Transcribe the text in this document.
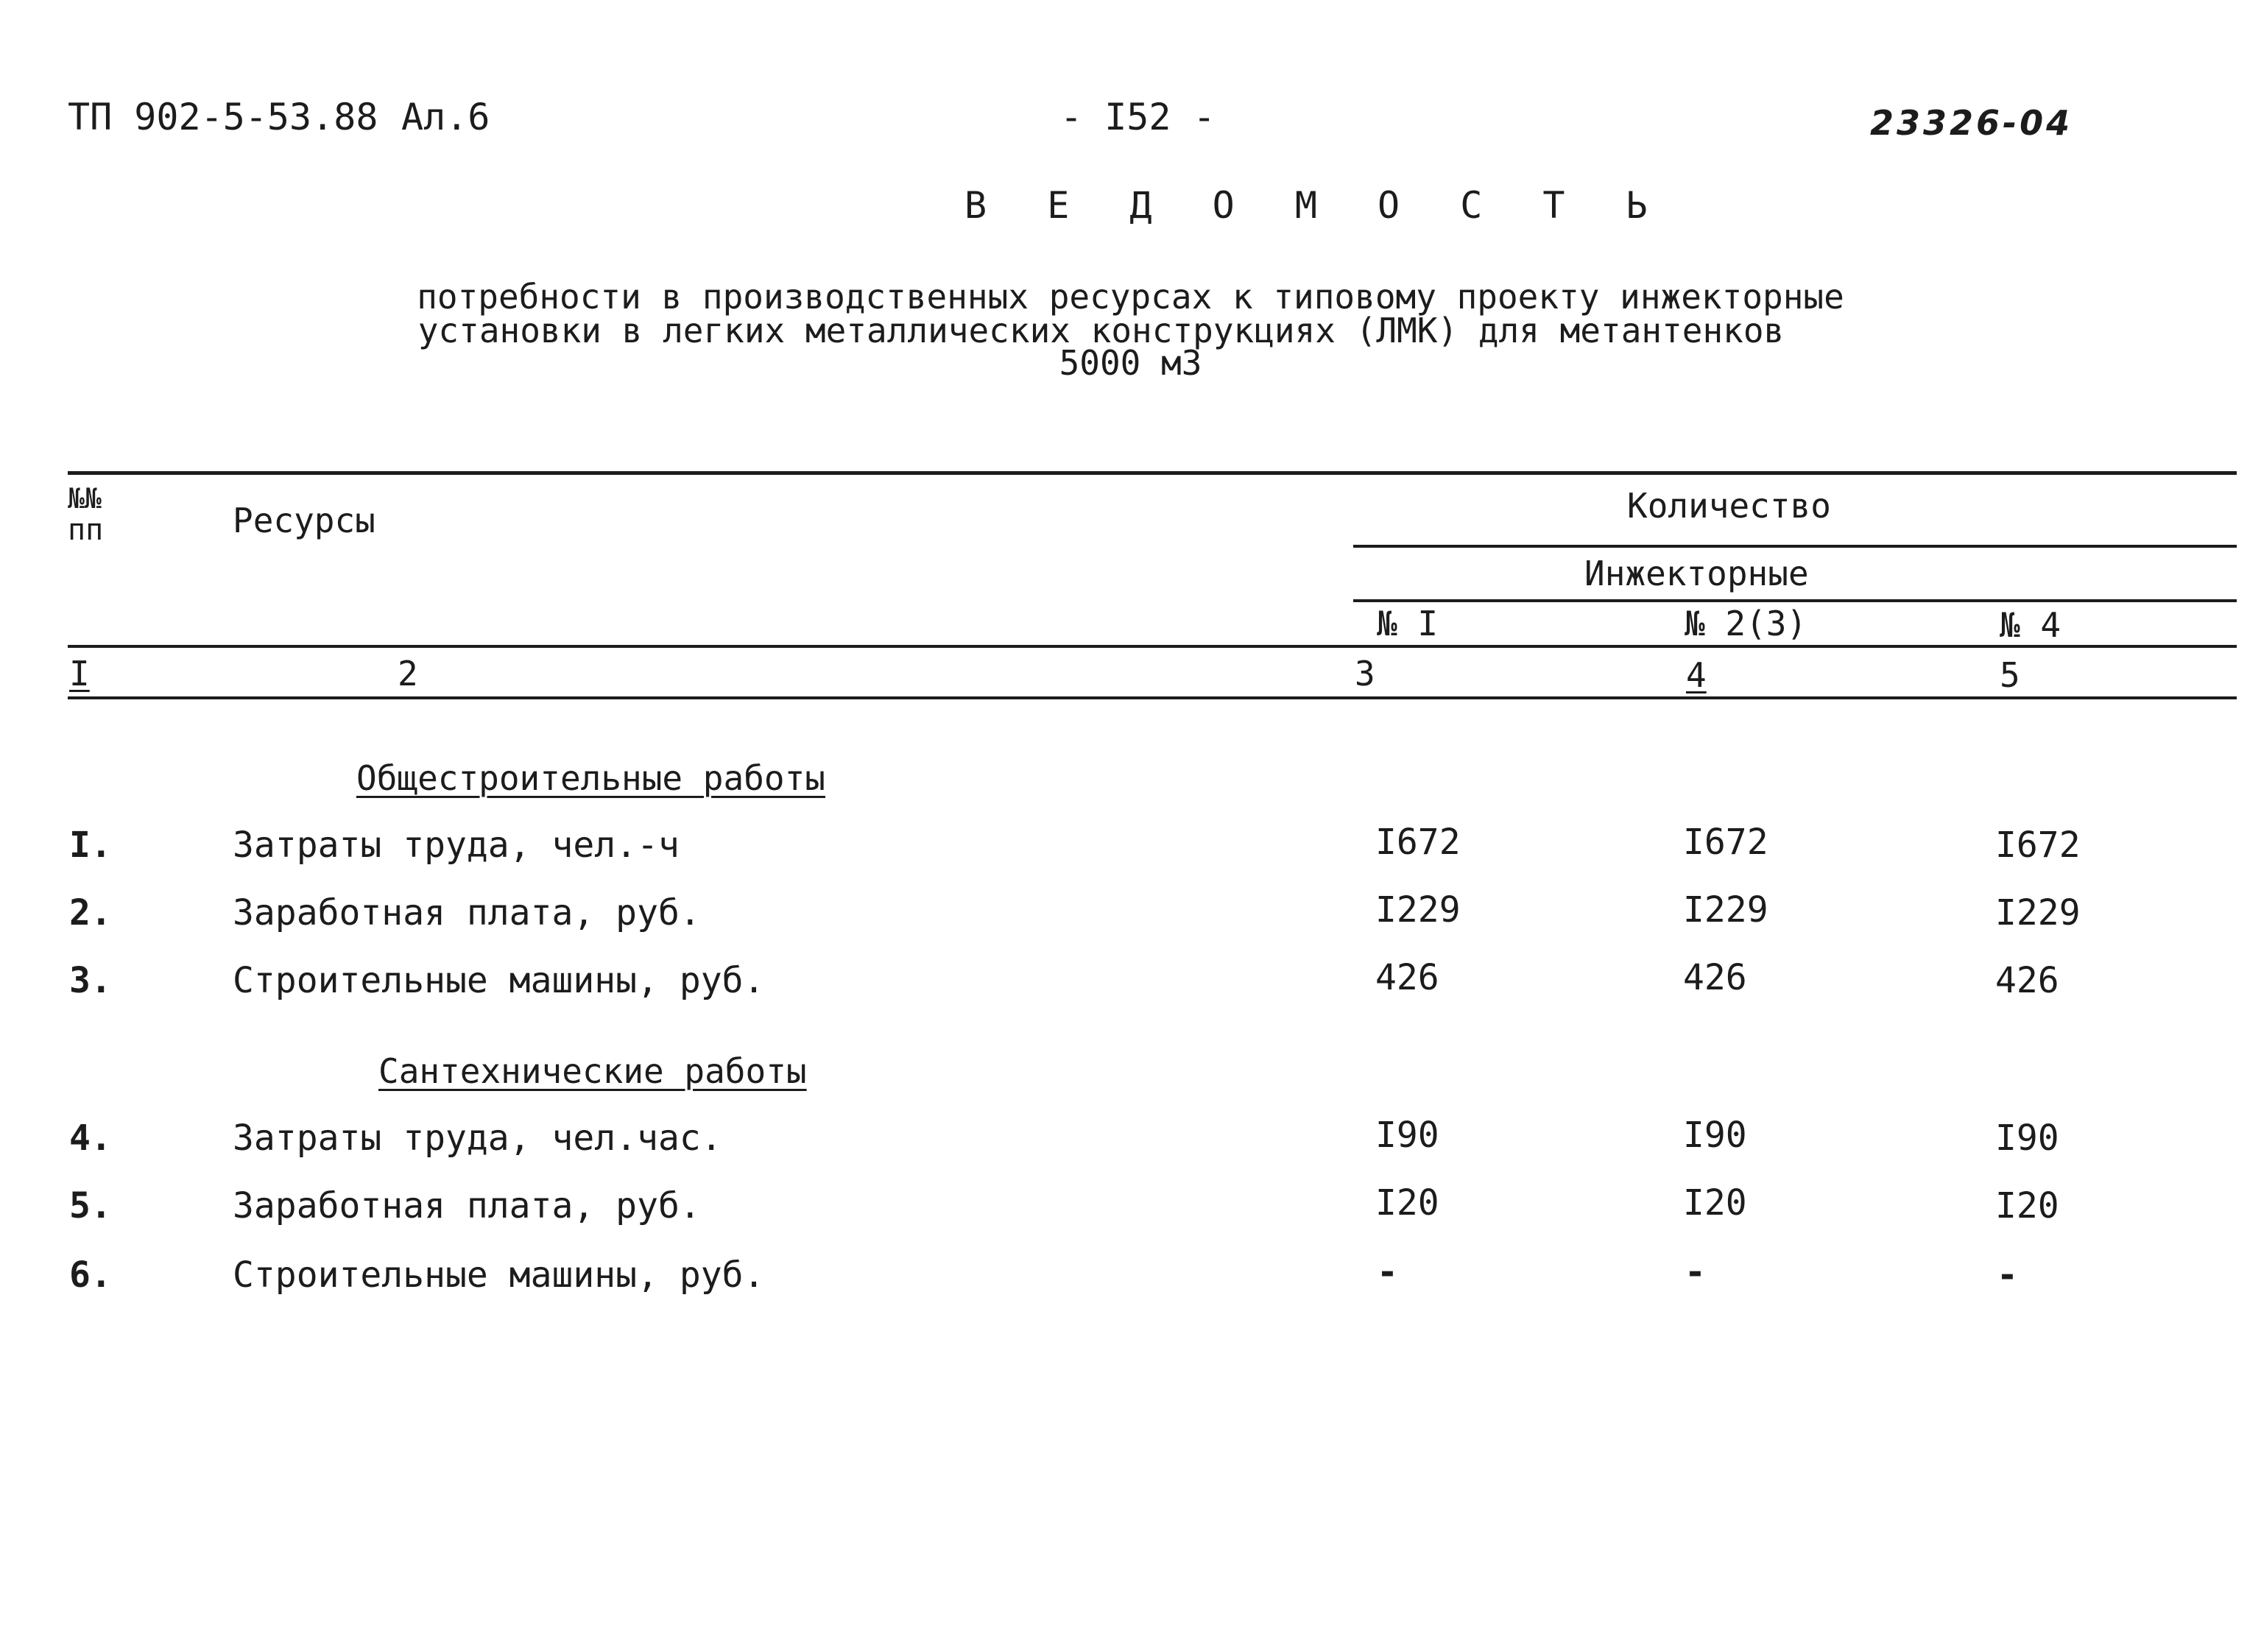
ТП 902-5-53.88 Ал.6	- I52 -	23326-04
В Е Д О М О С Т Ь
потребности в производственных ресурсах к типовому проекту инжекторные
установки в легких металлических конструкциях (ЛМК) для метантенков
5000 м3
№№
пп	Ресурсы	Количество
Инжекторные
№ I	№ 2(3)	№ 4
I	2	3	4	5
Общестроительные работы
I.	Затраты труда, чел.-ч	I672	I672	I672
2.	Заработная плата, руб.	I229	I229	I229
3.	Строительные машины, руб.	426	426	426
Сантехнические работы
4.	Затраты труда, чел.час.	I90	I90	I90
5.	Заработная плата, руб.	I20	I20	I20
6.	Строительные машины, руб.	-	-	-
